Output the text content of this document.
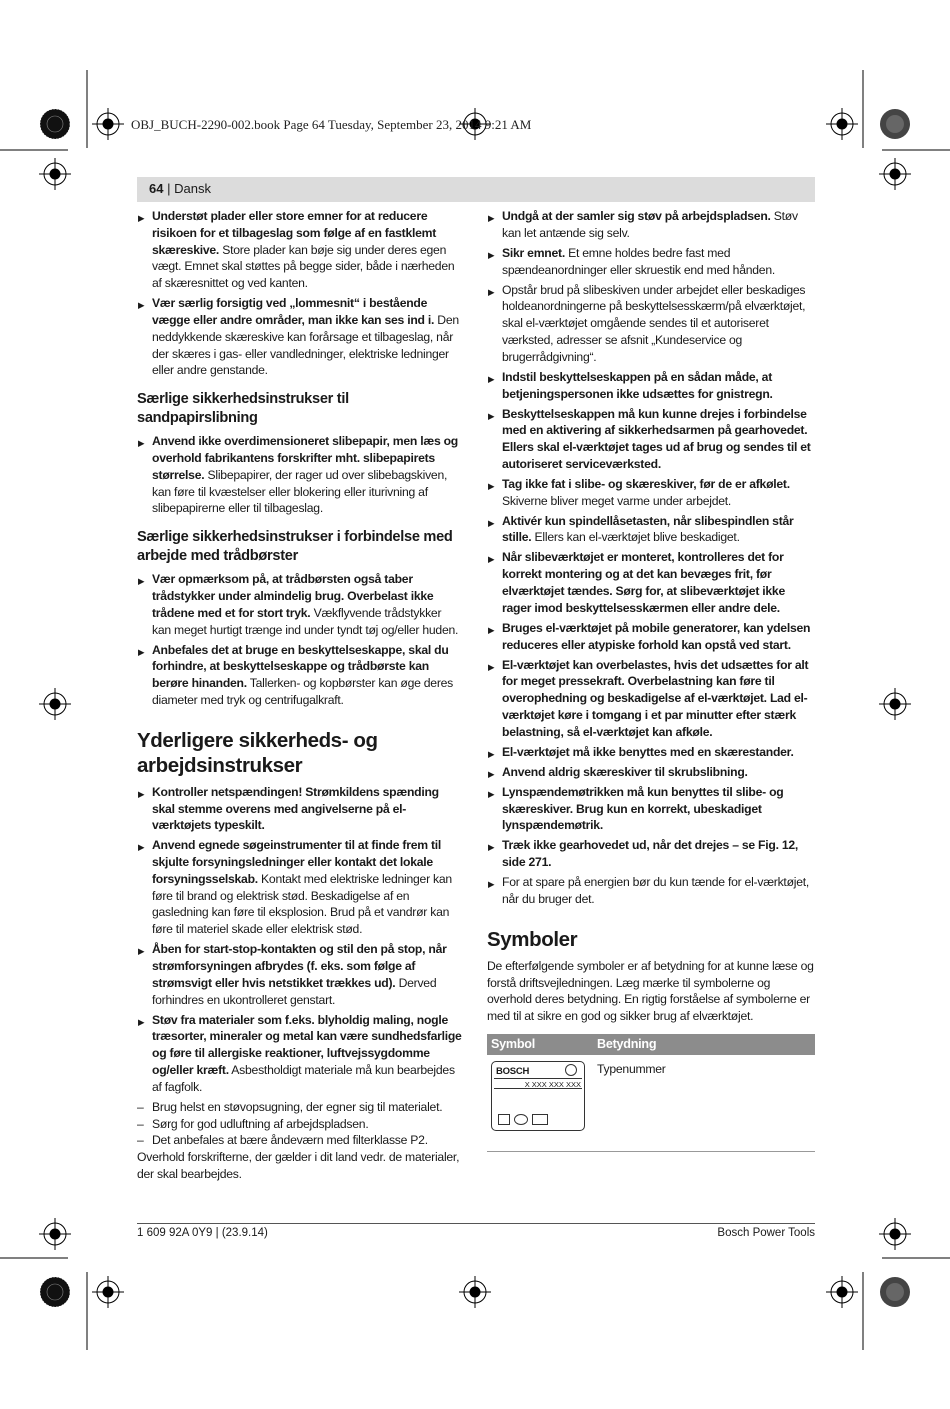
OBJ_BUCH-2290-002.book Page 64 Tuesday, September 23, 2014 9:21 AM
64 | Dansk

▶ Understøt plader eller store emner for at reducere risikoen for et tilbageslag som følge af en fastklemt skæreskive. Store plader kan bøje sig under deres egen vægt. Emnet skal støttes på begge sider, både i nærheden af skæresnittet og ved kanten.

▶ Vær særlig forsigtig ved „lommesnit“ i bestående vægge eller andre områder, man ikke kan ses ind i. Den neddykkende skæreskive kan forårsage et tilbageslag, når der skæres i gas- eller vandledninger, elektriske ledninger eller andre genstande.

Særlige sikkerhedsinstrukser til sandpapirslibning

▶ Anvend ikke overdimensioneret slibepapir, men læs og overhold fabrikantens forskrifter mht. slibepapirets størrelse. Slibepapirer, der rager ud over slibebagskiven, kan føre til kvæstelser eller blokering eller iturivning af slibepapirerne eller til tilbageslag.

Særlige sikkerhedsinstrukser i forbindelse med arbejde med trådbørster

▶ Vær opmærksom på, at trådbørsten også taber trådstykker under almindelig brug. Overbelast ikke trådene med et for stort tryk. Vækflyvende trådstykker kan meget hurtigt trænge ind under tyndt tøj og/eller huden.

▶ Anbefales det at bruge en beskyttelseskappe, skal du forhindre, at beskyttelseskappe og trådbørste kan berøre hinanden. Tallerken- og kopbørster kan øge deres diameter med tryk og centrifugalkraft.

Yderligere sikkerheds- og arbejdsinstrukser

▶ Kontroller netspændingen! Strømkildens spænding skal stemme overens med angivelserne på el-værktøjets typeskilt.

▶ Anvend egnede søgeinstrumenter til at finde frem til skjulte forsyningsledninger eller kontakt det lokale forsyningsselskab. Kontakt med elektriske ledninger kan føre til brand og elektrisk stød. Beskadigelse af en gasledning kan føre til eksplosion. Brud på et vandrør kan føre til materiel skade eller elektrisk stød.

▶ Åben for start-stop-kontakten og stil den på stop, når strømforsyningen afbrydes (f. eks. som følge af strømsvigt eller hvis netstikket trækkes ud). Derved forhindres en ukontrolleret genstart.

▶ Støv fra materialer som f.eks. blyholdig maling, nogle træsorter, mineraler og metal kan være sundhedsfarlige og føre til allergiske reaktioner, luftvejssygdomme og/eller kræft. Asbestholdigt materiale må kun bearbejdes af fagfolk.

– Brug helst en støvopsugning, der egner sig til materialet.

– Sørg for god udluftning af arbejdspladsen.

– Det anbefales at bære åndeværn med filterklasse P2.

Overhold forskrifterne, der gælder i dit land vedr. de materialer, der skal bearbejdes.

▶ Undgå at der samler sig støv på arbejdspladsen. Støv kan let antænde sig selv.

▶ Sikr emnet. Et emne holdes bedre fast med spændeanordninger eller skruestik end med hånden.

▶ Opstår brud på slibeskiven under arbejdet eller beskadiges holdeanordningerne på beskyttelsesskærm/på elværktøjet, skal el-værktøjet omgående sendes til et autoriseret værksted, adresser se afsnit „Kundeservice og brugerrådgivning“.

▶ Indstil beskyttelseskappen på en sådan måde, at betjeningspersonen ikke udsættes for gnistregn.

▶ Beskyttelseskappen må kun kunne drejes i forbindelse med en aktivering af sikkerhedsarmen på gearhovedet. Ellers skal el-værktøjet tages ud af brug og sendes til et autoriseret serviceværksted.

▶ Tag ikke fat i slibe- og skæreskiver, før de er afkølet. Skiverne bliver meget varme under arbejdet.

▶ Aktivér kun spindellåsetasten, når slibespindlen står stille. Ellers kan el-værktøjet blive beskadiget.

▶ Når slibeværktøjet er monteret, kontrolleres det for korrekt montering og at det kan bevæges frit, før elværktøjet tændes. Sørg for, at slibeværktøjet ikke rager imod beskyttelsesskærmen eller andre dele.

▶ Bruges el-værktøjet på mobile generatorer, kan ydelsen reduceres eller atypiske forhold kan opstå ved start.

▶ El-værktøjet kan overbelastes, hvis det udsættes for alt for meget pressekraft. Overbelastning kan føre til overophedning og beskadigelse af el-værktøjet. Lad el-værktøjet køre i tomgang i et par minutter efter stærk belastning, så el-værktøjet kan afkøle.

▶ El-værktøjet må ikke benyttes med en skærestander.

▶ Anvend aldrig skæreskiver til skrubslibning.

▶ Lynspændemøtrikken må kun benyttes til slibe- og skæreskiver. Brug kun en korrekt, ubeskadiget lynspændemøtrik.

▶ Træk ikke gearhovedet ud, når det drejes – se Fig. 12, side 271.

▶ For at spare på energien bør du kun tænde for el-værktøjet, når du bruger det.

Symboler

De efterfølgende symboler er af betydning for at kunne læse og forstå driftsvejledningen. Læg mærke til symbolerne og overhold deres betydning. En rigtig forståelse af symbolerne er med til at sikre en god og sikker brug af elværktøjet.

Symbol	Betydning

BOSCH
X XXX XXX XXX	Typenummer
1 609 92A 0Y9 | (23.9.14)	Bosch Power Tools
